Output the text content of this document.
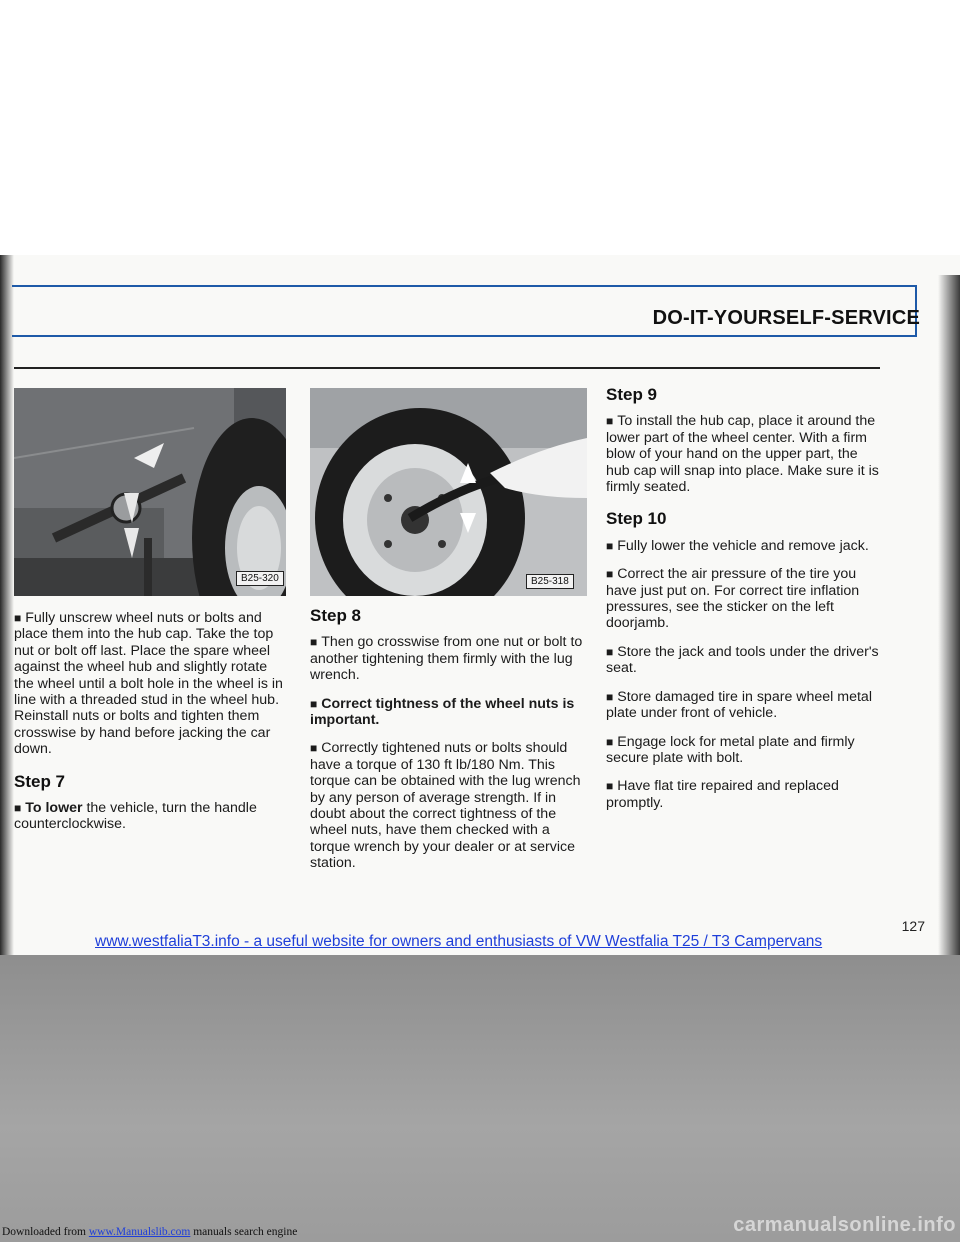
DO-IT-YOURSELF-SERVICE
B25-320	B25-318

■ Fully unscrew wheel nuts or bolts and place them into the hub cap. Take the top nut or bolt off last. Place the spare wheel against the wheel hub and slightly rotate the wheel until a bolt hole in the wheel is in line with a threaded stud in the wheel hub. Reinstall nuts or bolts and tighten them crosswise by hand before jacking the car down.

Step 7

■ To lower the vehicle, turn the handle counterclockwise.

Step 8

■ Then go crosswise from one nut or bolt to another tightening them firmly with the lug wrench.

■ Correct tightness of the wheel nuts is important.

■ Correctly tightened nuts or bolts should have a torque of 130 ft lb/180 Nm. This torque can be obtained with the lug wrench by any person of average strength. If in doubt about the correct tightness of the wheel nuts, have them checked with a torque wrench by your dealer or at service station.

Step 9

■ To install the hub cap, place it around the lower part of the wheel center. With a firm blow of your hand on the upper part, the hub cap will snap into place. Make sure it is firmly seated.

Step 10

■ Fully lower the vehicle and remove jack.

■ Correct the air pressure of the tire you have just put on. For correct tire inflation pressures, see the sticker on the left doorjamb.

■ Store the jack and tools under the driver's seat.

■ Store damaged tire in spare wheel metal plate under front of vehicle.

■ Engage lock for metal plate and firmly secure plate with bolt.

■ Have flat tire repaired and replaced promptly.

127
www.westfaliaT3.info - a useful website for owners and enthusiasts of VW Westfalia T25 / T3 Campervans
Downloaded from www.Manualslib.com manuals search engine	carmanualsonline.info
